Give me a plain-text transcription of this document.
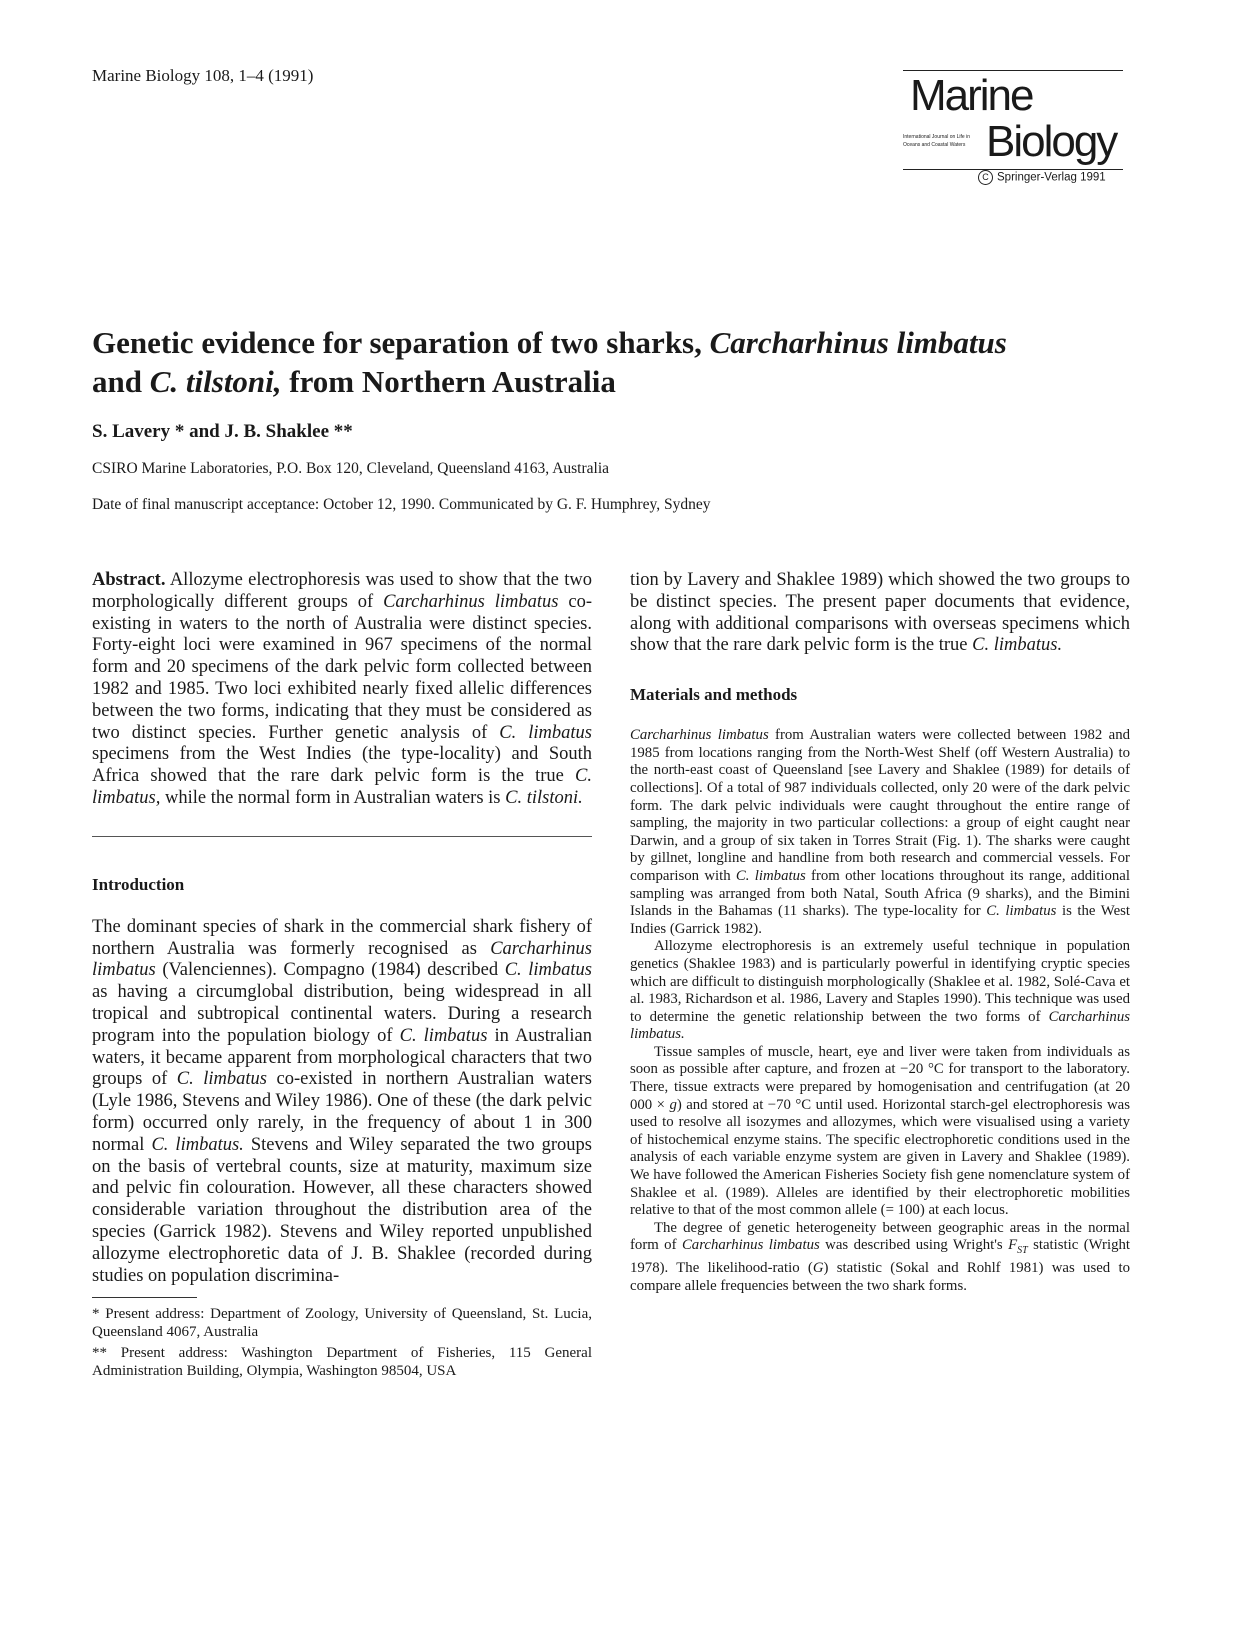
Marine Biology 108, 1–4 (1991)	Marine
International Journal on Life in Oceans and Coastal Waters Biology
C Springer-Verlag 1991
Genetic evidence for separation of two sharks, Carcharhinus limbatus
and C. tilstoni, from Northern Australia
S. Lavery * and J. B. Shaklee **
CSIRO Marine Laboratories, P.O. Box 120, Cleveland, Queensland 4163, Australia
Date of final manuscript acceptance: October 12, 1990. Communicated by G. F. Humphrey, Sydney

Abstract. Allozyme electrophoresis was used to show that the two morphologically different groups of Carcharhinus limbatus co-existing in waters to the north of Australia were distinct species. Forty-eight loci were examined in 967 specimens of the normal form and 20 specimens of the dark pelvic form collected between 1982 and 1985. Two loci exhibited nearly fixed allelic differences between the two forms, indicating that they must be considered as two distinct species. Further genetic analysis of C. limbatus specimens from the West Indies (the type-locality) and South Africa showed that the rare dark pelvic form is the true C. limbatus, while the normal form in Australian waters is C. tilstoni.

Introduction

The dominant species of shark in the commercial shark fishery of northern Australia was formerly recognised as Carcharhinus limbatus (Valenciennes). Compagno (1984) described C. limbatus as having a circumglobal distribution, being widespread in all tropical and subtropical continental waters. During a research program into the population biology of C. limbatus in Australian waters, it became apparent from morphological characters that two groups of C. limbatus co-existed in northern Australian waters (Lyle 1986, Stevens and Wiley 1986). One of these (the dark pelvic form) occurred only rarely, in the frequency of about 1 in 300 normal C. limbatus. Stevens and Wiley separated the two groups on the basis of vertebral counts, size at maturity, maximum size and pelvic fin colouration. However, all these characters showed considerable variation throughout the distribution area of the species (Garrick 1982). Stevens and Wiley reported unpublished allozyme electrophoretic data of J. B. Shaklee (recorded during studies on population discrimina-

* Present address: Department of Zoology, University of Queensland, St. Lucia, Queensland 4067, Australia

** Present address: Washington Department of Fisheries, 115 General Administration Building, Olympia, Washington 98504, USA

tion by Lavery and Shaklee 1989) which showed the two groups to be distinct species. The present paper documents that evidence, along with additional comparisons with overseas specimens which show that the rare dark pelvic form is the true C. limbatus.

Materials and methods

Carcharhinus limbatus from Australian waters were collected between 1982 and 1985 from locations ranging from the North-West Shelf (off Western Australia) to the north-east coast of Queensland [see Lavery and Shaklee (1989) for details of collections]. Of a total of 987 individuals collected, only 20 were of the dark pelvic form. The dark pelvic individuals were caught throughout the entire range of sampling, the majority in two particular collections: a group of eight caught near Darwin, and a group of six taken in Torres Strait (Fig. 1). The sharks were caught by gillnet, longline and handline from both research and commercial vessels. For comparison with C. limbatus from other locations throughout its range, additional sampling was arranged from both Natal, South Africa (9 sharks), and the Bimini Islands in the Bahamas (11 sharks). The type-locality for C. limbatus is the West Indies (Garrick 1982).

Allozyme electrophoresis is an extremely useful technique in population genetics (Shaklee 1983) and is particularly powerful in identifying cryptic species which are difficult to distinguish morphologically (Shaklee et al. 1982, Solé-Cava et al. 1983, Richardson et al. 1986, Lavery and Staples 1990). This technique was used to determine the genetic relationship between the two forms of Carcharhinus limbatus.

Tissue samples of muscle, heart, eye and liver were taken from individuals as soon as possible after capture, and frozen at −20 °C for transport to the laboratory. There, tissue extracts were prepared by homogenisation and centrifugation (at 20 000 × g) and stored at −70 °C until used. Horizontal starch-gel electrophoresis was used to resolve all isozymes and allozymes, which were visualised using a variety of histochemical enzyme stains. The specific electrophoretic conditions used in the analysis of each variable enzyme system are given in Lavery and Shaklee (1989). We have followed the American Fisheries Society fish gene nomenclature system of Shaklee et al. (1989). Alleles are identified by their electrophoretic mobilities relative to that of the most common allele (= 100) at each locus.

The degree of genetic heterogeneity between geographic areas in the normal form of Carcharhinus limbatus was described using Wright's $F_{ST}$ statistic (Wright 1978). The likelihood-ratio (G) statistic (Sokal and Rohlf 1981) was used to compare allele frequencies between the two shark forms.
